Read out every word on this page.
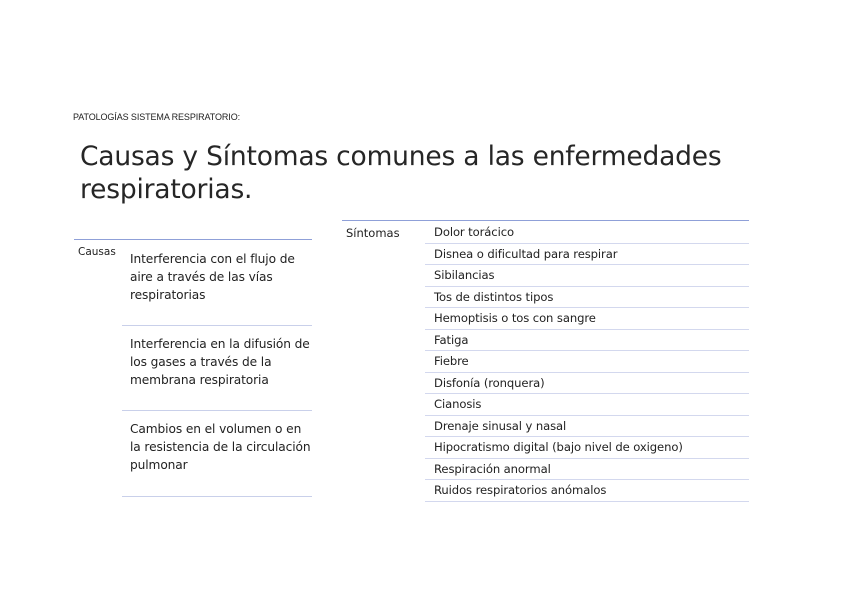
PATOLOGÍAS SISTEMA RESPIRATORIO:
Causas y Síntomas comunes a las enfermedades respiratorias.
Causas Interferencia con el flujo de aire a través de las vías respiratorias
Interferencia en la difusión de los gases a través de la membrana respiratoria
Cambios en el volumen o en la resistencia de la circulación pulmonar
Síntomas	Dolor torácico
Disnea o dificultad para respirar
Sibilancias
Tos de distintos tipos
Hemoptisis o tos con sangre
Fatiga
Fiebre
Disfonía (ronquera)
Cianosis
Drenaje sinusal y nasal
Hipocratismo digital (bajo nivel de oxigeno)
Respiración anormal
Ruidos respiratorios anómalos
